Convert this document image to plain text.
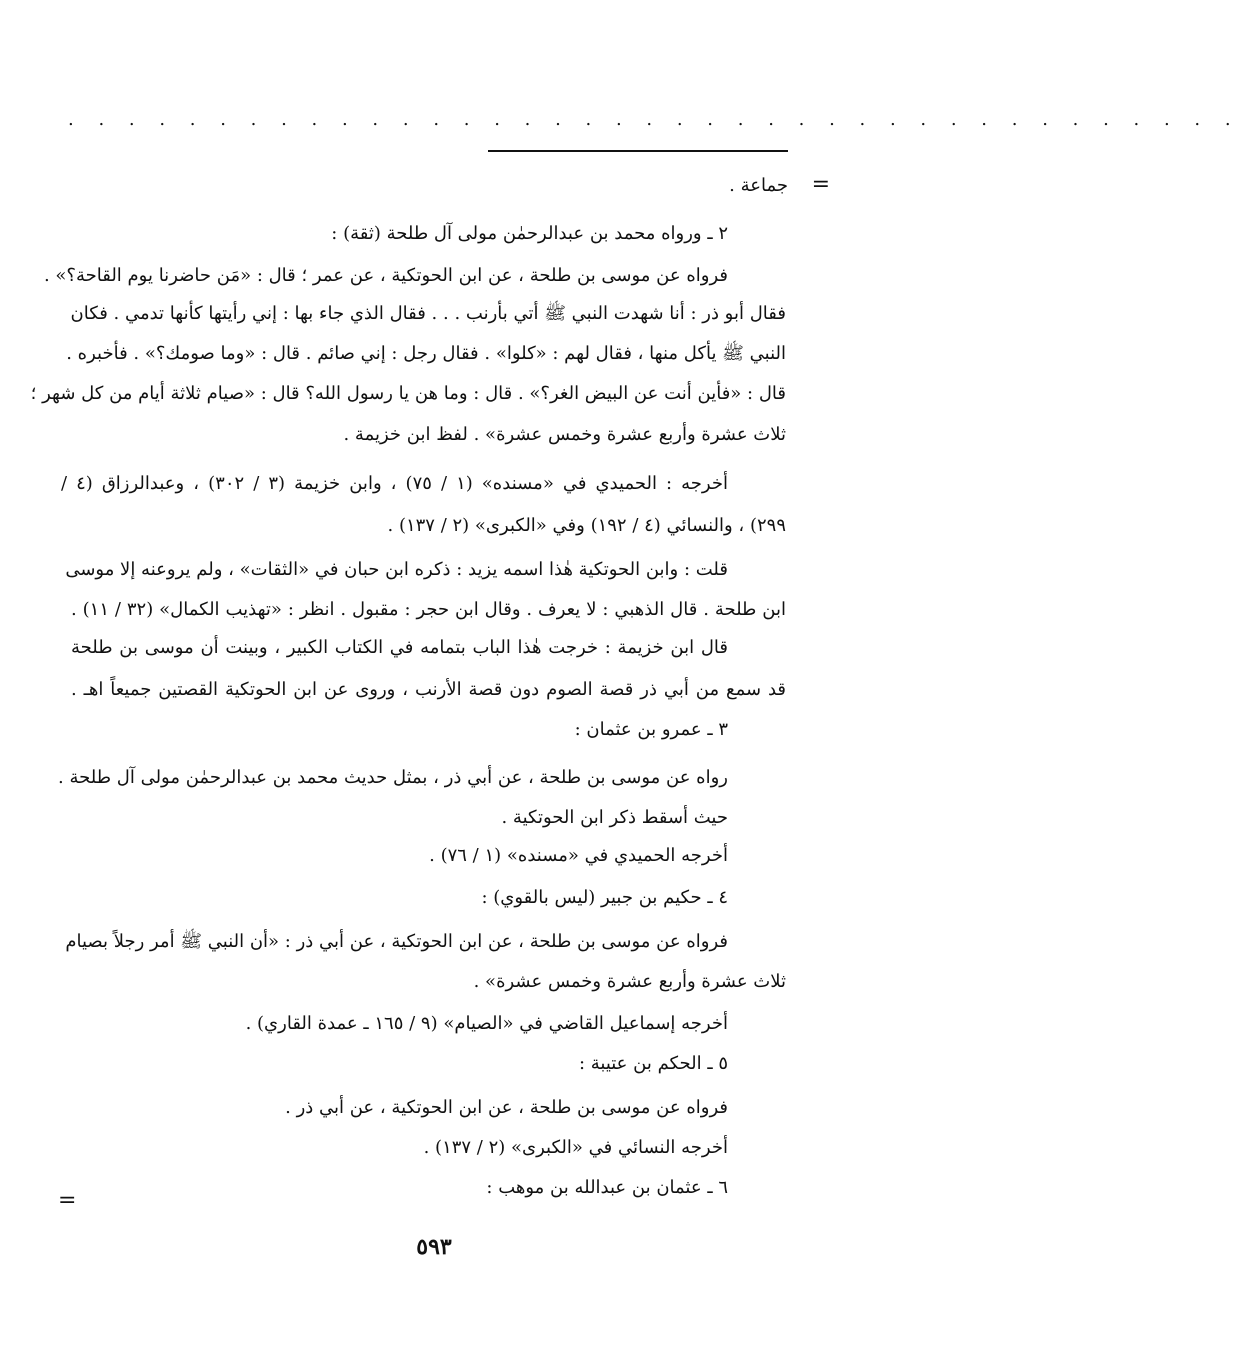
. . . . . . . . . . . . . . . . . . . . . . . . . . . . . . . . . . . . . . .
=
جماعة .
٢ ـ ورواه محمد بن عبدالرحمٰن مولى آل طلحة (ثقة) :
فرواه عن موسى بن طلحة ، عن ابن الحوتكية ، عن عمر ؛ قال : «مَن حاضرنا يوم القاحة؟» .
فقال أبو ذر : أنا شهدت النبي ﷺ أتي بأرنب . . . فقال الذي جاء بها : إني رأيتها كأنها تدمي . فكان
النبي ﷺ يأكل منها ، فقال لهم : «كلوا» . فقال رجل : إني صائم . قال : «وما صومك؟» . فأخبره .
قال : «فأين أنت عن البيض الغر؟» . قال : وما هن يا رسول الله؟ قال : «صيام ثلاثة أيام من كل شهر ؛
ثلاث عشرة وأربع عشرة وخمس عشرة» . لفظ ابن خزيمة .
أخرجه : الحميدي في «مسنده» (١ / ٧٥) ، وابن خزيمة (٣ / ٣٠٢) ، وعبدالرزاق (٤ /
٢٩٩) ، والنسائي (٤ / ١٩٢) وفي «الكبرى» (٢ / ١٣٧) .
قلت : وابن الحوتكية هٰذا اسمه يزيد : ذكره ابن حبان في «الثقات» ، ولم يروعنه إلا موسى
ابن طلحة . قال الذهبي : لا يعرف . وقال ابن حجر : مقبول . انظر : «تهذيب الكمال» (٣٢ / ١١) .
قال ابن خزيمة : خرجت هٰذا الباب بتمامه في الكتاب الكبير ، وبينت أن موسى بن طلحة
قد سمع من أبي ذر قصة الصوم دون قصة الأرنب ، وروى عن ابن الحوتكية القصتين جميعاً اهـ .
٣ ـ عمرو بن عثمان :
رواه عن موسى بن طلحة ، عن أبي ذر ، بمثل حديث محمد بن عبدالرحمٰن مولى آل طلحة .
حيث أسقط ذكر ابن الحوتكية .
أخرجه الحميدي في «مسنده» (١ / ٧٦) .
٤ ـ حكيم بن جبير (ليس بالقوي) :
فرواه عن موسى بن طلحة ، عن ابن الحوتكية ، عن أبي ذر : «أن النبي ﷺ أمر رجلاً بصيام
ثلاث عشرة وأربع عشرة وخمس عشرة» .
أخرجه إسماعيل القاضي في «الصيام» (٩ / ١٦٥ ـ عمدة القاري) .
٥ ـ الحكم بن عتيبة :
فرواه عن موسى بن طلحة ، عن ابن الحوتكية ، عن أبي ذر .
أخرجه النسائي في «الكبرى» (٢ / ١٣٧) .
٦ ـ عثمان بن عبدالله بن موهب :
=
٥٩٣
